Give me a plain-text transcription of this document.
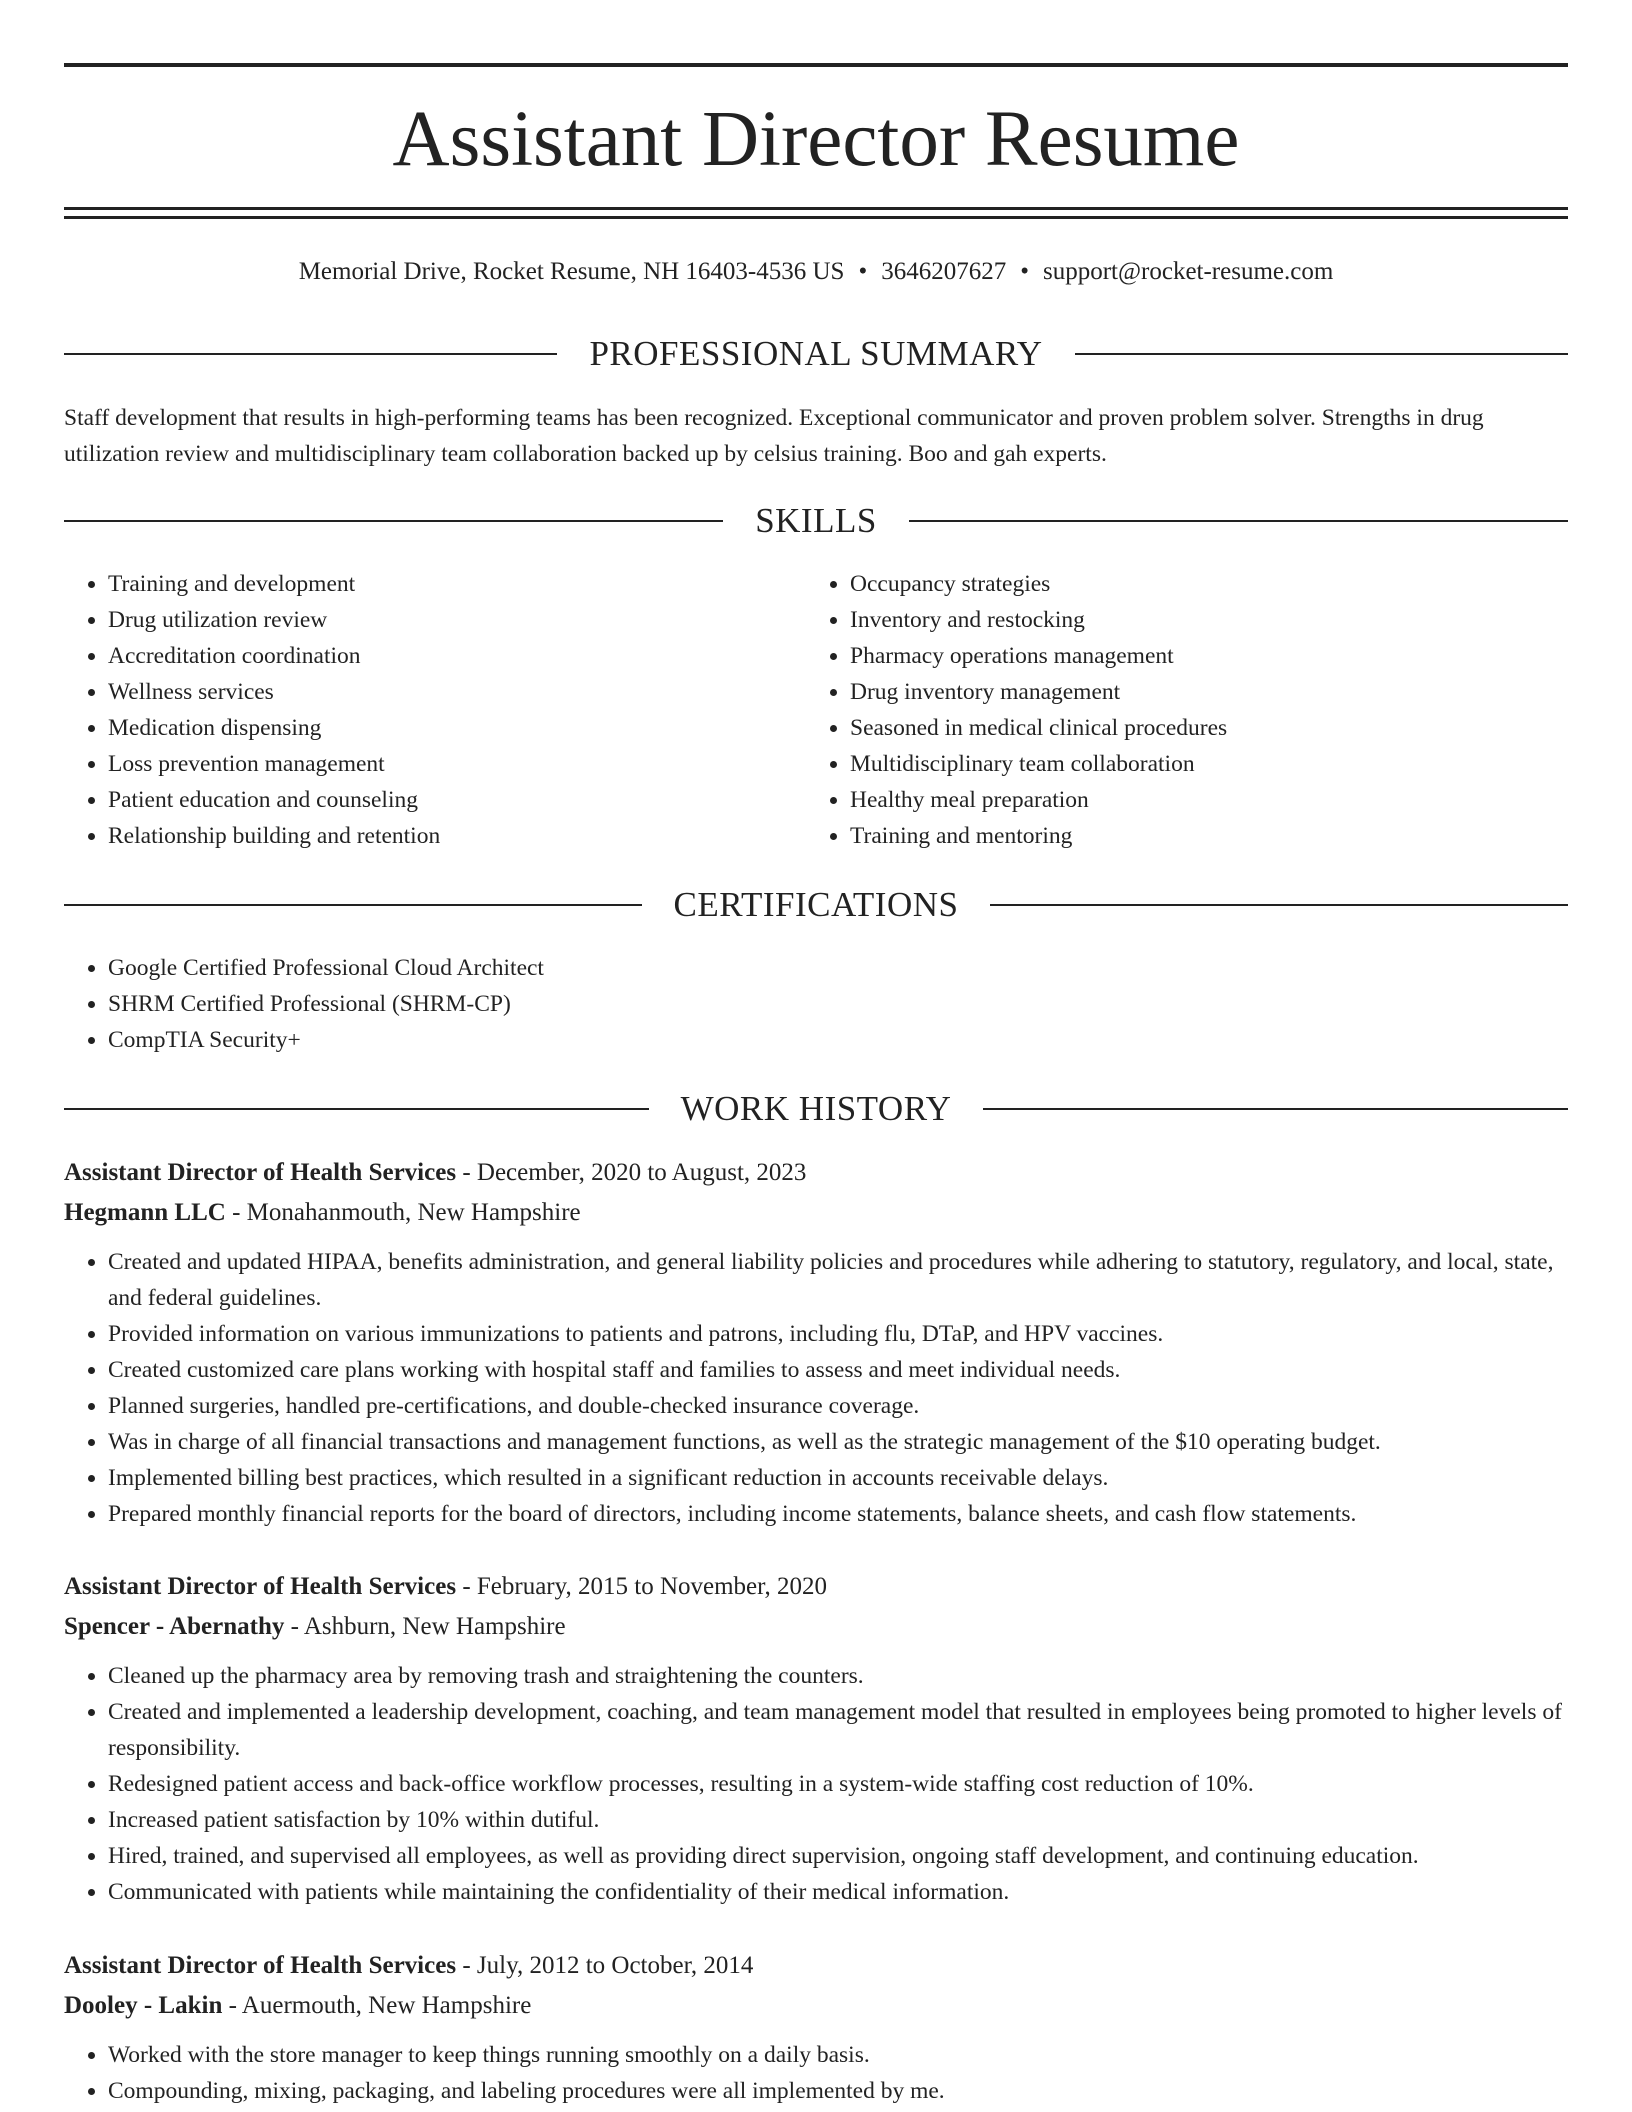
Assistant Director Resume
Memorial Drive, Rocket Resume, NH 16403-4536 US • 3646207627 • support@rocket-resume.com
PROFESSIONAL SUMMARY

Staff development that results in high-performing teams has been recognized. Exceptional communicator and proven problem solver. Strengths in drug utilization review and multidisciplinary team collaboration backed up by celsius training. Boo and gah experts.

SKILLS
• Training and development
• Drug utilization review
• Accreditation coordination
• Wellness services
• Medication dispensing
• Loss prevention management
• Patient education and counseling
• Relationship building and retention
• Occupancy strategies
• Inventory and restocking
• Pharmacy operations management
• Drug inventory management
• Seasoned in medical clinical procedures
• Multidisciplinary team collaboration
• Healthy meal preparation
• Training and mentoring
CERTIFICATIONS
• Google Certified Professional Cloud Architect
• SHRM Certified Professional (SHRM-CP)
• CompTIA Security+
WORK HISTORY

Assistant Director of Health Services - December, 2020 to August, 2023

Hegmann LLC - Monahanmouth, New Hampshire

• Created and updated HIPAA, benefits administration, and general liability policies and procedures while adhering to statutory, regulatory, and local, state, and federal guidelines.
• Provided information on various immunizations to patients and patrons, including flu, DTaP, and HPV vaccines.
• Created customized care plans working with hospital staff and families to assess and meet individual needs.
• Planned surgeries, handled pre-certifications, and double-checked insurance coverage.
• Was in charge of all financial transactions and management functions, as well as the strategic management of the $10 operating budget.
• Implemented billing best practices, which resulted in a significant reduction in accounts receivable delays.
• Prepared monthly financial reports for the board of directors, including income statements, balance sheets, and cash flow statements.

Assistant Director of Health Services - February, 2015 to November, 2020

Spencer - Abernathy - Ashburn, New Hampshire

• Cleaned up the pharmacy area by removing trash and straightening the counters.
• Created and implemented a leadership development, coaching, and team management model that resulted in employees being promoted to higher levels of responsibility.
• Redesigned patient access and back-office workflow processes, resulting in a system-wide staffing cost reduction of 10%.
• Increased patient satisfaction by 10% within dutiful.
• Hired, trained, and supervised all employees, as well as providing direct supervision, ongoing staff development, and continuing education.
• Communicated with patients while maintaining the confidentiality of their medical information.

Assistant Director of Health Services - July, 2012 to October, 2014

Dooley - Lakin - Auermouth, New Hampshire

• Worked with the store manager to keep things running smoothly on a daily basis.
• Compounding, mixing, packaging, and labeling procedures were all implemented by me.
